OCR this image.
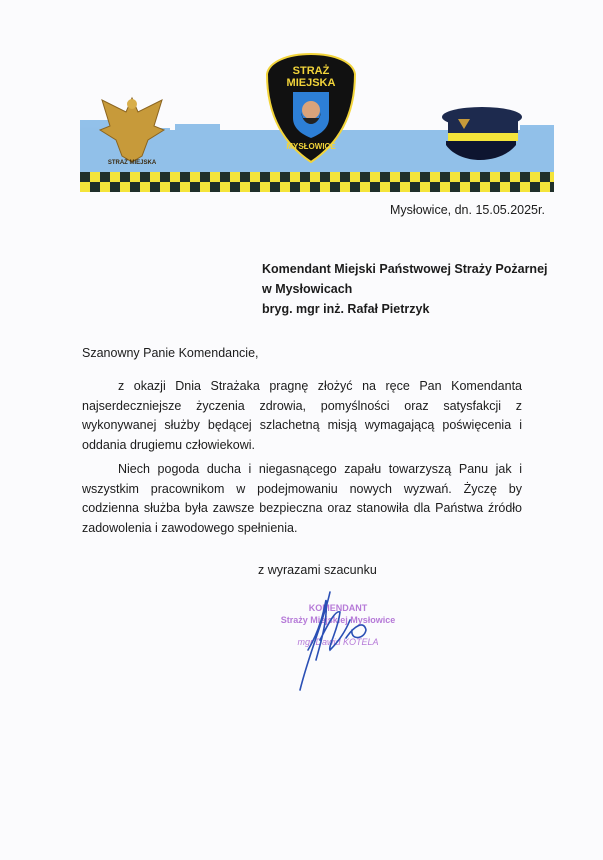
STRAŻ MIEJSKA
STRAŻ
MIEJSKA
MYSŁOWICE
Mysłowice, dn. 15.05.2025r.
Komendant Miejski Państwowej Straży Pożarnej
w Mysłowicach
bryg. mgr inż. Rafał Pietrzyk
Szanowny Panie Komendancie,

z okazji Dnia Strażaka pragnę złożyć na ręce Pan Komendanta najserdeczniejsze życzenia zdrowia, pomyślności oraz satysfakcji z wykonywanej służby będącej szlachetną misją wymagającą poświęcenia i oddania drugiemu człowiekowi.

Niech pogoda ducha i niegasnącego zapału towarzyszą Panu jak i wszystkim pracownikom w podejmowaniu nowych wyzwań. Życzę by codzienna służba była zawsze bezpieczna oraz stanowiła dla Państwa źródło zadowolenia i zawodowego spełnienia.

z wyrazami szacunku
KOMENDANT
Straży Miejskiej Mysłowice
mgr Dawid KOTELA
